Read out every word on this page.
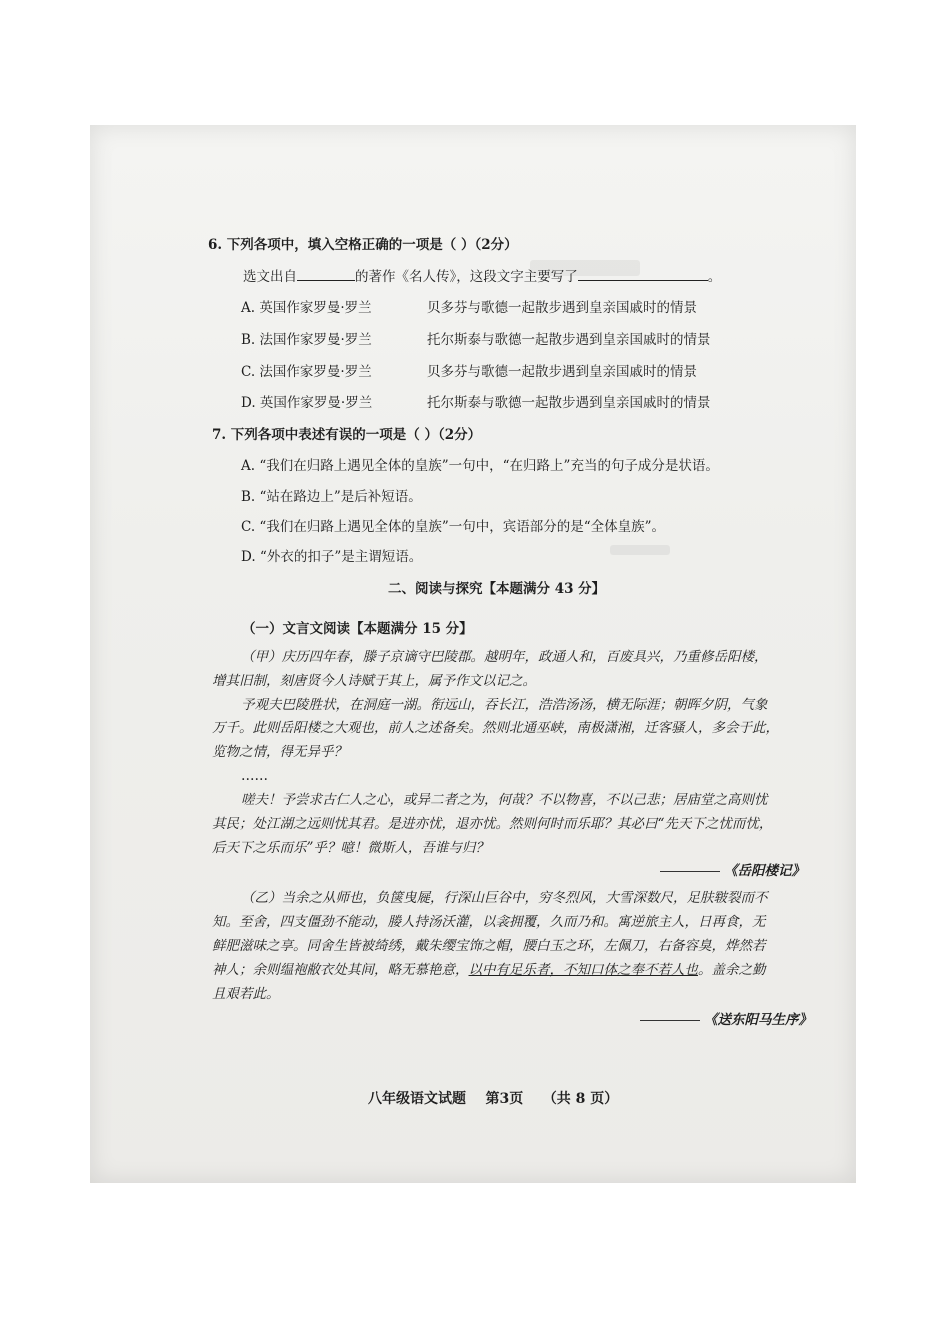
6. 下列各项中，填入空格正确的一项是（ ）（2分）
选文出自	的著作《名人传》，这段文字主要写了	。
A. 英国作家罗曼·罗兰	贝多芬与歌德一起散步遇到皇亲国戚时的情景
B. 法国作家罗曼·罗兰	托尔斯泰与歌德一起散步遇到皇亲国戚时的情景
C. 法国作家罗曼·罗兰	贝多芬与歌德一起散步遇到皇亲国戚时的情景
D. 英国作家罗曼·罗兰	托尔斯泰与歌德一起散步遇到皇亲国戚时的情景
7. 下列各项中表述有误的一项是（ ）（2分）
A. “我们在归路上遇见全体的皇族”一句中，“在归路上”充当的句子成分是状语。
B. “站在路边上”是后补短语。
C. “我们在归路上遇见全体的皇族”一句中，宾语部分的是“全体皇族”。
D. “外衣的扣子”是主谓短语。
二、阅读与探究【本题满分 43 分】
（一）文言文阅读【本题满分 15 分】
（甲）庆历四年春，滕子京谪守巴陵郡。越明年，政通人和，百废具兴，乃重修岳阳楼，
增其旧制，刻唐贤今人诗赋于其上，属予作文以记之。
予观夫巴陵胜状，在洞庭一湖。衔远山，吞长江，浩浩汤汤，横无际涯；朝晖夕阴，气象
万千。此则岳阳楼之大观也，前人之述备矣。然则北通巫峡，南极潇湘，迁客骚人，多会于此，
览物之情，得无异乎？
……
嗟夫！予尝求古仁人之心，或异二者之为，何哉？不以物喜，不以己悲；居庙堂之高则忧
其民；处江湖之远则忧其君。是进亦忧，退亦忧。然则何时而乐耶？其必曰“先天下之忧而忧，
后天下之乐而乐”乎？噫！微斯人，吾谁与归？
《岳阳楼记》
（乙）当余之从师也，负箧曳屣，行深山巨谷中，穷冬烈风，大雪深数尺，足肤皲裂而不
知。至舍，四支僵劲不能动，媵人持汤沃灌，以衾拥覆，久而乃和。寓逆旅主人，日再食，无
鲜肥滋味之享。同舍生皆被绮绣，戴朱缨宝饰之帽，腰白玉之环，左佩刀，右备容臭，烨然若
神人；余则缊袍敝衣处其间，略无慕艳意，以中有足乐者，不知口体之奉不若人也。盖余之勤
且艰若此。
《送东阳马生序》
八年级语文试题 第3页 （共 8 页）
